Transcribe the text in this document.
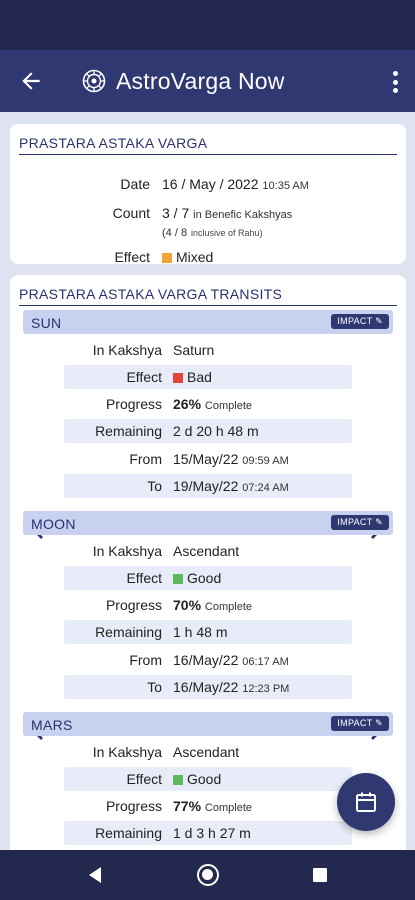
AstroVarga Now
PRASTARA ASTAKA VARGA
Date 16 / May / 2022 10:35 AM
Count 3 / 7 in Benefic Kakshyas
(4 / 8 inclusive of Rahu)
Effect	Mixed
PRASTARA ASTAKA VARGA TRANSITS
SUN	IMPACT ✎
In Kakshya Saturn
Effect	Bad
Progress 26% Complete
Remaining 2 d 20 h 48 m
From 15/May/22 09:59 AM
To 19/May/22 07:24 AM
MOON	IMPACT ✎
In Kakshya Ascendant
Effect	Good
Progress 70% Complete
Remaining 1 h 48 m
From 16/May/22 06:17 AM
To 16/May/22 12:23 PM
MARS	IMPACT ✎
In Kakshya Ascendant
Effect	Good
Progress 77% Complete
Remaining 1 d 3 h 27 m
